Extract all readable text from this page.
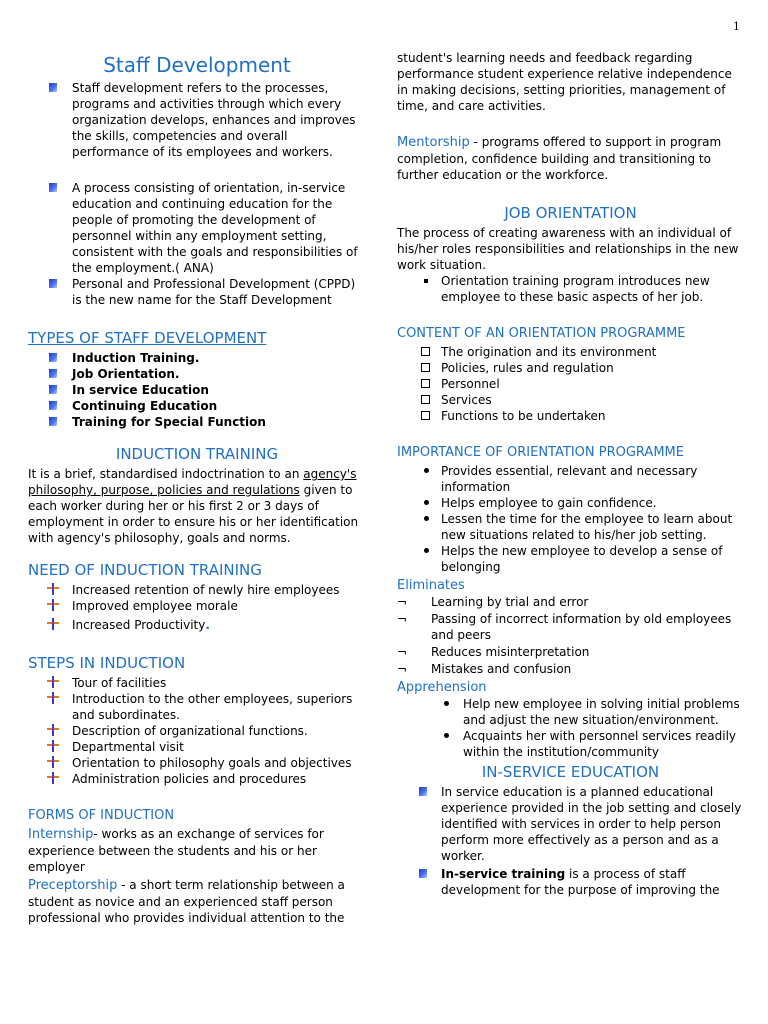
1
Staff Development
Staff development refers to the processes, programs and activities through which every organization develops, enhances and improves the skills, competencies and overall performance of its employees and workers.
A process consisting of orientation, in-service education and continuing education for the people of promoting the development of personnel within any employment setting, consistent with the goals and responsibilities of the employment.( ANA)
Personal and Professional Development (CPPD) is the new name for the Staff Development
TYPES OF STAFF DEVELOPMENT
Induction Training.
Job Orientation.
In service Education
Continuing Education
Training for Special Function
INDUCTION TRAINING
It is a brief, standardised indoctrination to an agency's philosophy, purpose, policies and regulations given to each worker during her or his first 2 or 3 days of employment in order to ensure his or her identification with agency's philosophy, goals and norms.
NEED OF INDUCTION TRAINING
Increased retention of newly hire employees
Improved employee morale
Increased Productivity.
STEPS IN INDUCTION
Tour of facilities
Introduction to the other employees, superiors and subordinates.
Description of organizational functions.
Departmental visit
Orientation to philosophy goals and objectives
Administration policies and procedures
FORMS OF INDUCTION
Internship- works as an exchange of services for experience between the students and his or her employer
Preceptorship - a short term relationship between a student as novice and an experienced staff person professional who provides individual attention to the
student's learning needs and feedback regarding performance student experience relative independence in making decisions, setting priorities, management of time, and care activities.
Mentorship - programs offered to support in program completion, confidence building and transitioning to further education or the workforce.
JOB ORIENTATION
The process of creating awareness with an individual of his/her roles responsibilities and relationships in the new work situation.
Orientation training program introduces new employee to these basic aspects of her job.
CONTENT OF AN ORIENTATION PROGRAMME
The origination and its environment
Policies, rules and regulation
Personnel
Services
Functions to be undertaken
IMPORTANCE OF ORIENTATION PROGRAMME
Provides essential, relevant and necessary information
Helps employee to gain confidence.
Lessen the time for the employee to learn about new situations related to his/her job setting.
Helps the new employee to develop a sense of belonging
Eliminates
¬ Learning by trial and error
¬ Passing of incorrect information by old employees and peers
¬ Reduces misinterpretation
¬ Mistakes and confusion
Apprehension
Help new employee in solving initial problems and adjust the new situation/environment.
Acquaints her with personnel services readily within the institution/community
IN-SERVICE EDUCATION
In service education is a planned educational experience provided in the job setting and closely identified with services in order to help person perform more effectively as a person and as a worker.
In-service training is a process of staff development for the purpose of improving the
